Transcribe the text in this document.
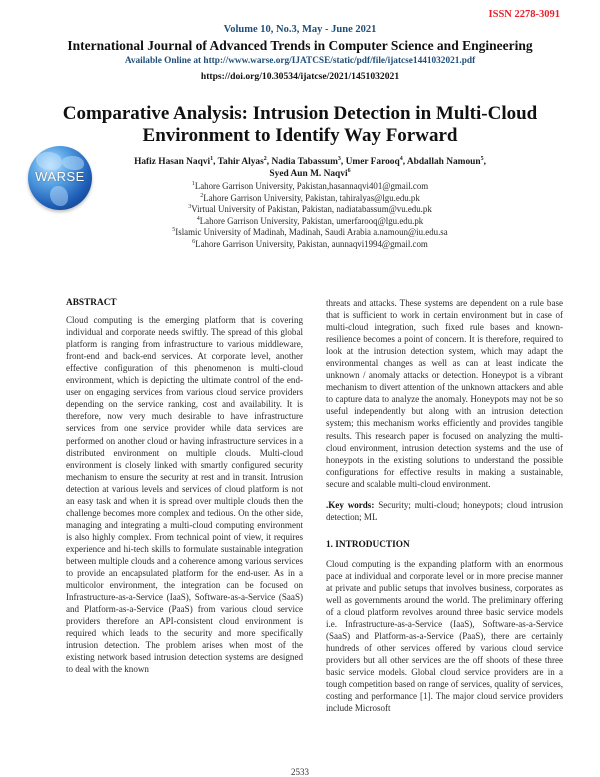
ISSN 2278-3091
Volume 10, No.3, May - June 2021
International Journal of Advanced Trends in Computer Science and Engineering
Available Online at http://www.warse.org/IJATCSE/static/pdf/file/ijatcse1441032021.pdf
https://doi.org/10.30534/ijatcse/2021/1451032021
Comparative Analysis: Intrusion Detection in Multi-Cloud Environment to Identify Way Forward
WARSE
Hafiz Hasan Naqvi$^1$, Tahir Alyas$^2$, Nadia Tabassum$^3$, Umer Farooq$^4$, Abdallah Namoun$^5$,
Syed Aun M. Naqvi$^6$
$^1$Lahore Garrison University, Pakistan,hasannaqvi401@gmail.com
$^2$Lahore Garrison University, Pakistan, tahiralyas@lgu.edu.pk
$^3$Virtual University of Pakistan, Pakistan, nadiatabassum@vu.edu.pk
$^4$Lahore Garrison University, Pakistan, umerfarooq@lgu.edu.pk
$^5$Islamic University of Madinah, Madinah, Saudi Arabia a.namoun@iu.edu.sa
$^6$Lahore Garrison University, Pakistan, aunnaqvi1994@gmail.com
ABSTRACT

Cloud computing is the emerging platform that is covering individual and corporate needs swiftly. The spread of this global platform is ranging from infrastructure to various middleware, front-end and back-end services. At corporate level, another effective configuration of this phenomenon is multi-cloud environment, which is depicting the ultimate control of the end-user on engaging services from various cloud service providers depending on the service ranking, cost and availability. It is therefore, now very much desirable to have infrastructure services from one service provider while data services are performed on another cloud or having infrastructure services in a distributed environment on multiple clouds. Multi-cloud environment is closely linked with smartly configured security mechanism to ensure the security at rest and in transit. Intrusion detection at various levels and services of cloud platform is not an easy task and when it is spread over multiple clouds then the challenge becomes more complex and tedious. On the other side, managing and integrating a multi-cloud computing environment is also highly complex. From technical point of view, it requires experience and hi-tech skills to formulate sustainable integration between multiple clouds and a coherence among various services to provide an encapsulated platform for the end-user. As in a multicolor environment, the integration can be focused on Infrastructure-as-a-Service (IaaS), Software-as-a-Service (SaaS) and Platform-as-a-Service (PaaS) from various cloud service providers therefore an API-consistent cloud environment is required which leads to the security and more specifically intrusion detection. The problem arises when most of the existing network based intrusion detection systems are designed to deal with the known

threats and attacks. These systems are dependent on a rule base that is sufficient to work in certain environment but in case of multi-cloud integration, such fixed rule bases and known-resilience becomes a point of concern. It is therefore, required to look at the intrusion detection system, which may adapt the environmental changes as well as can at least indicate the unknown / anomaly attacks or detection. Honeypot is a vibrant mechanism to divert attention of the unknown attackers and able to capture data to analyze the anomaly. Honeypots may not be so useful independently but along with an intrusion detection system; this mechanism works efficiently and provides tangible results. This research paper is focused on analyzing the multi-cloud environment, intrusion detection systems and the use of honeypots in the existing solutions to understand the possible configurations for effective results in making a sustainable, secure and scalable multi-cloud environment.

.Key words: Security; multi-cloud; honeypots; cloud intrusion detection; ML

1. INTRODUCTION

Cloud computing is the expanding platform with an enormous pace at individual and corporate level or in more precise manner at private and public setups that involves business, corporates as well as governments around the world. The preliminary offering of a cloud platform revolves around three basic service models i.e. Infrastructure-as-a-Service (IaaS), Software-as-a-Service (SaaS) and Platform-as-a-Service (PaaS), there are certainly hundreds of other services offered by various cloud service providers but all other services are the off shoots of these three basic service models. Global cloud service providers are in a tough competition based on range of services, quality of services, costing and performance [1]. The major cloud service providers include Microsoft

2533
